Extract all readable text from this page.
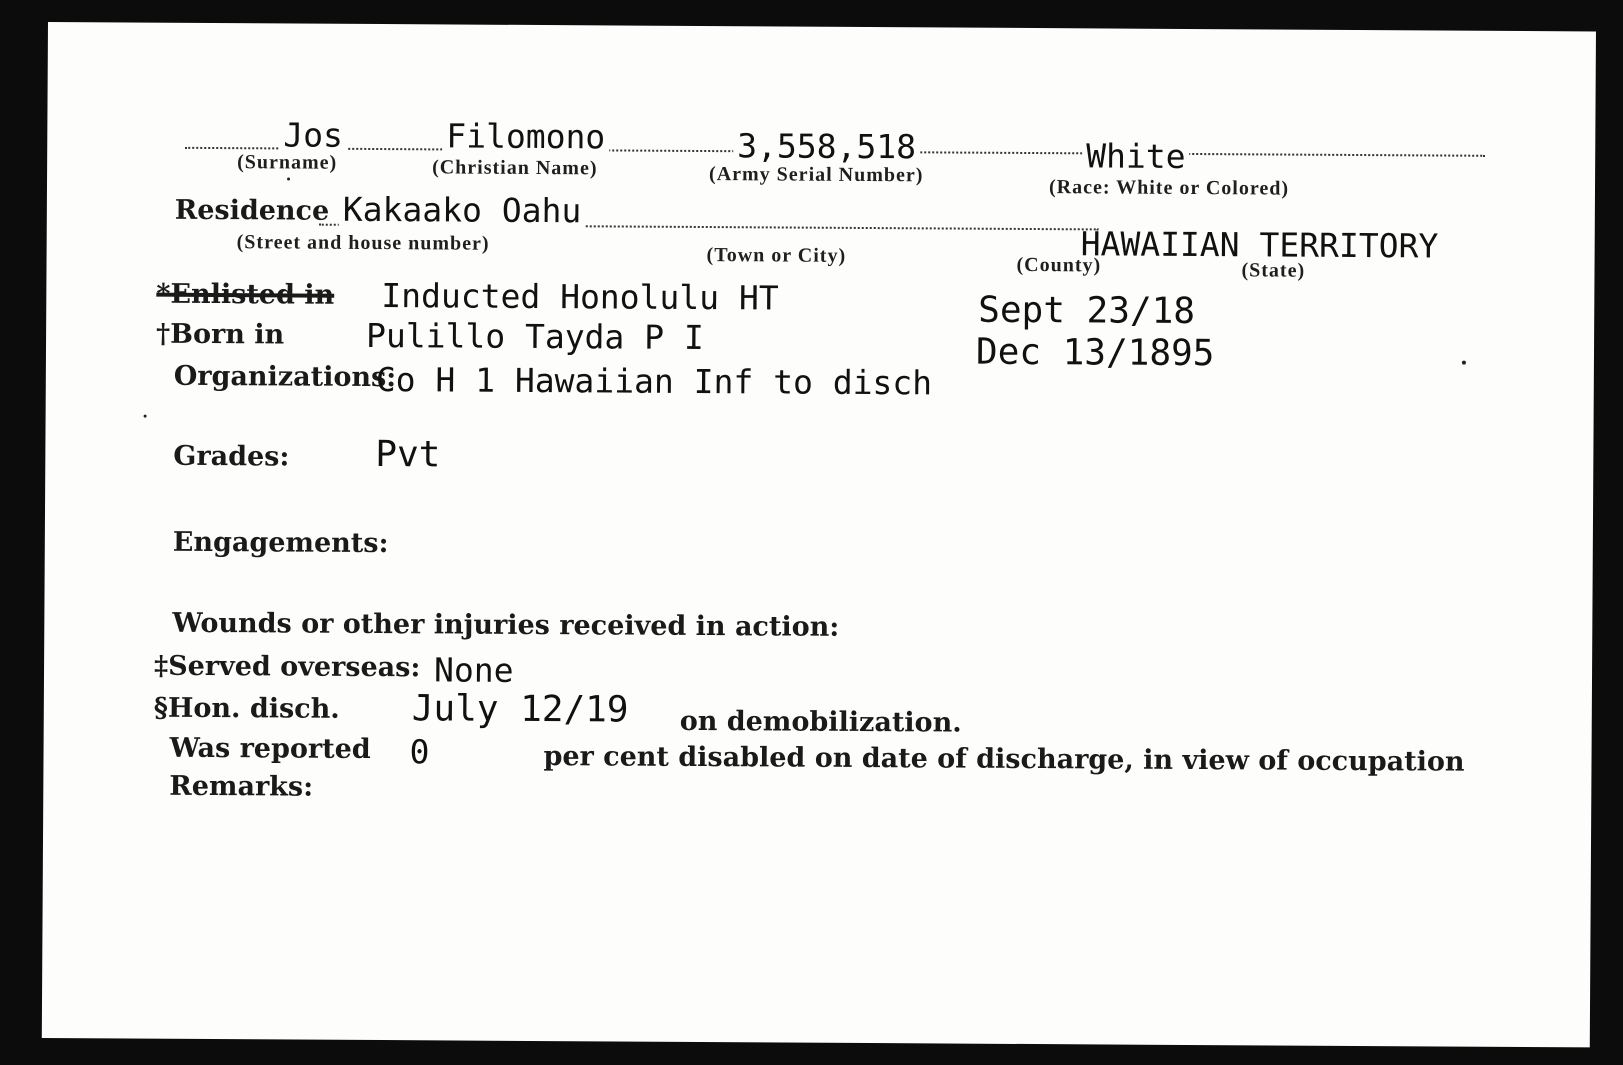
Jos	Filomono	3,558,518	White
(Surname)	(Christian Name)	(Army Serial Number)
(Race: White or Colored)
Residence Kakaako Oahu
HAWAIIAN TERRITORY
(Street and house number)
(Town or City)	(County)	(State)
*Enlisted in Inducted Honolulu HT	Sept 23/18
†Born in Pulillo Tayda P I	Dec 13/1895
Organizations:
Co H 1 Hawaiian Inf to disch
Grades: Pvt
Engagements:
Wounds or other injuries received in action:
‡Served overseas: None
§Hon. disch. July 12/19 on demobilization.
Was reported 0	per cent disabled on date of discharge, in view of occupation
Remarks:
